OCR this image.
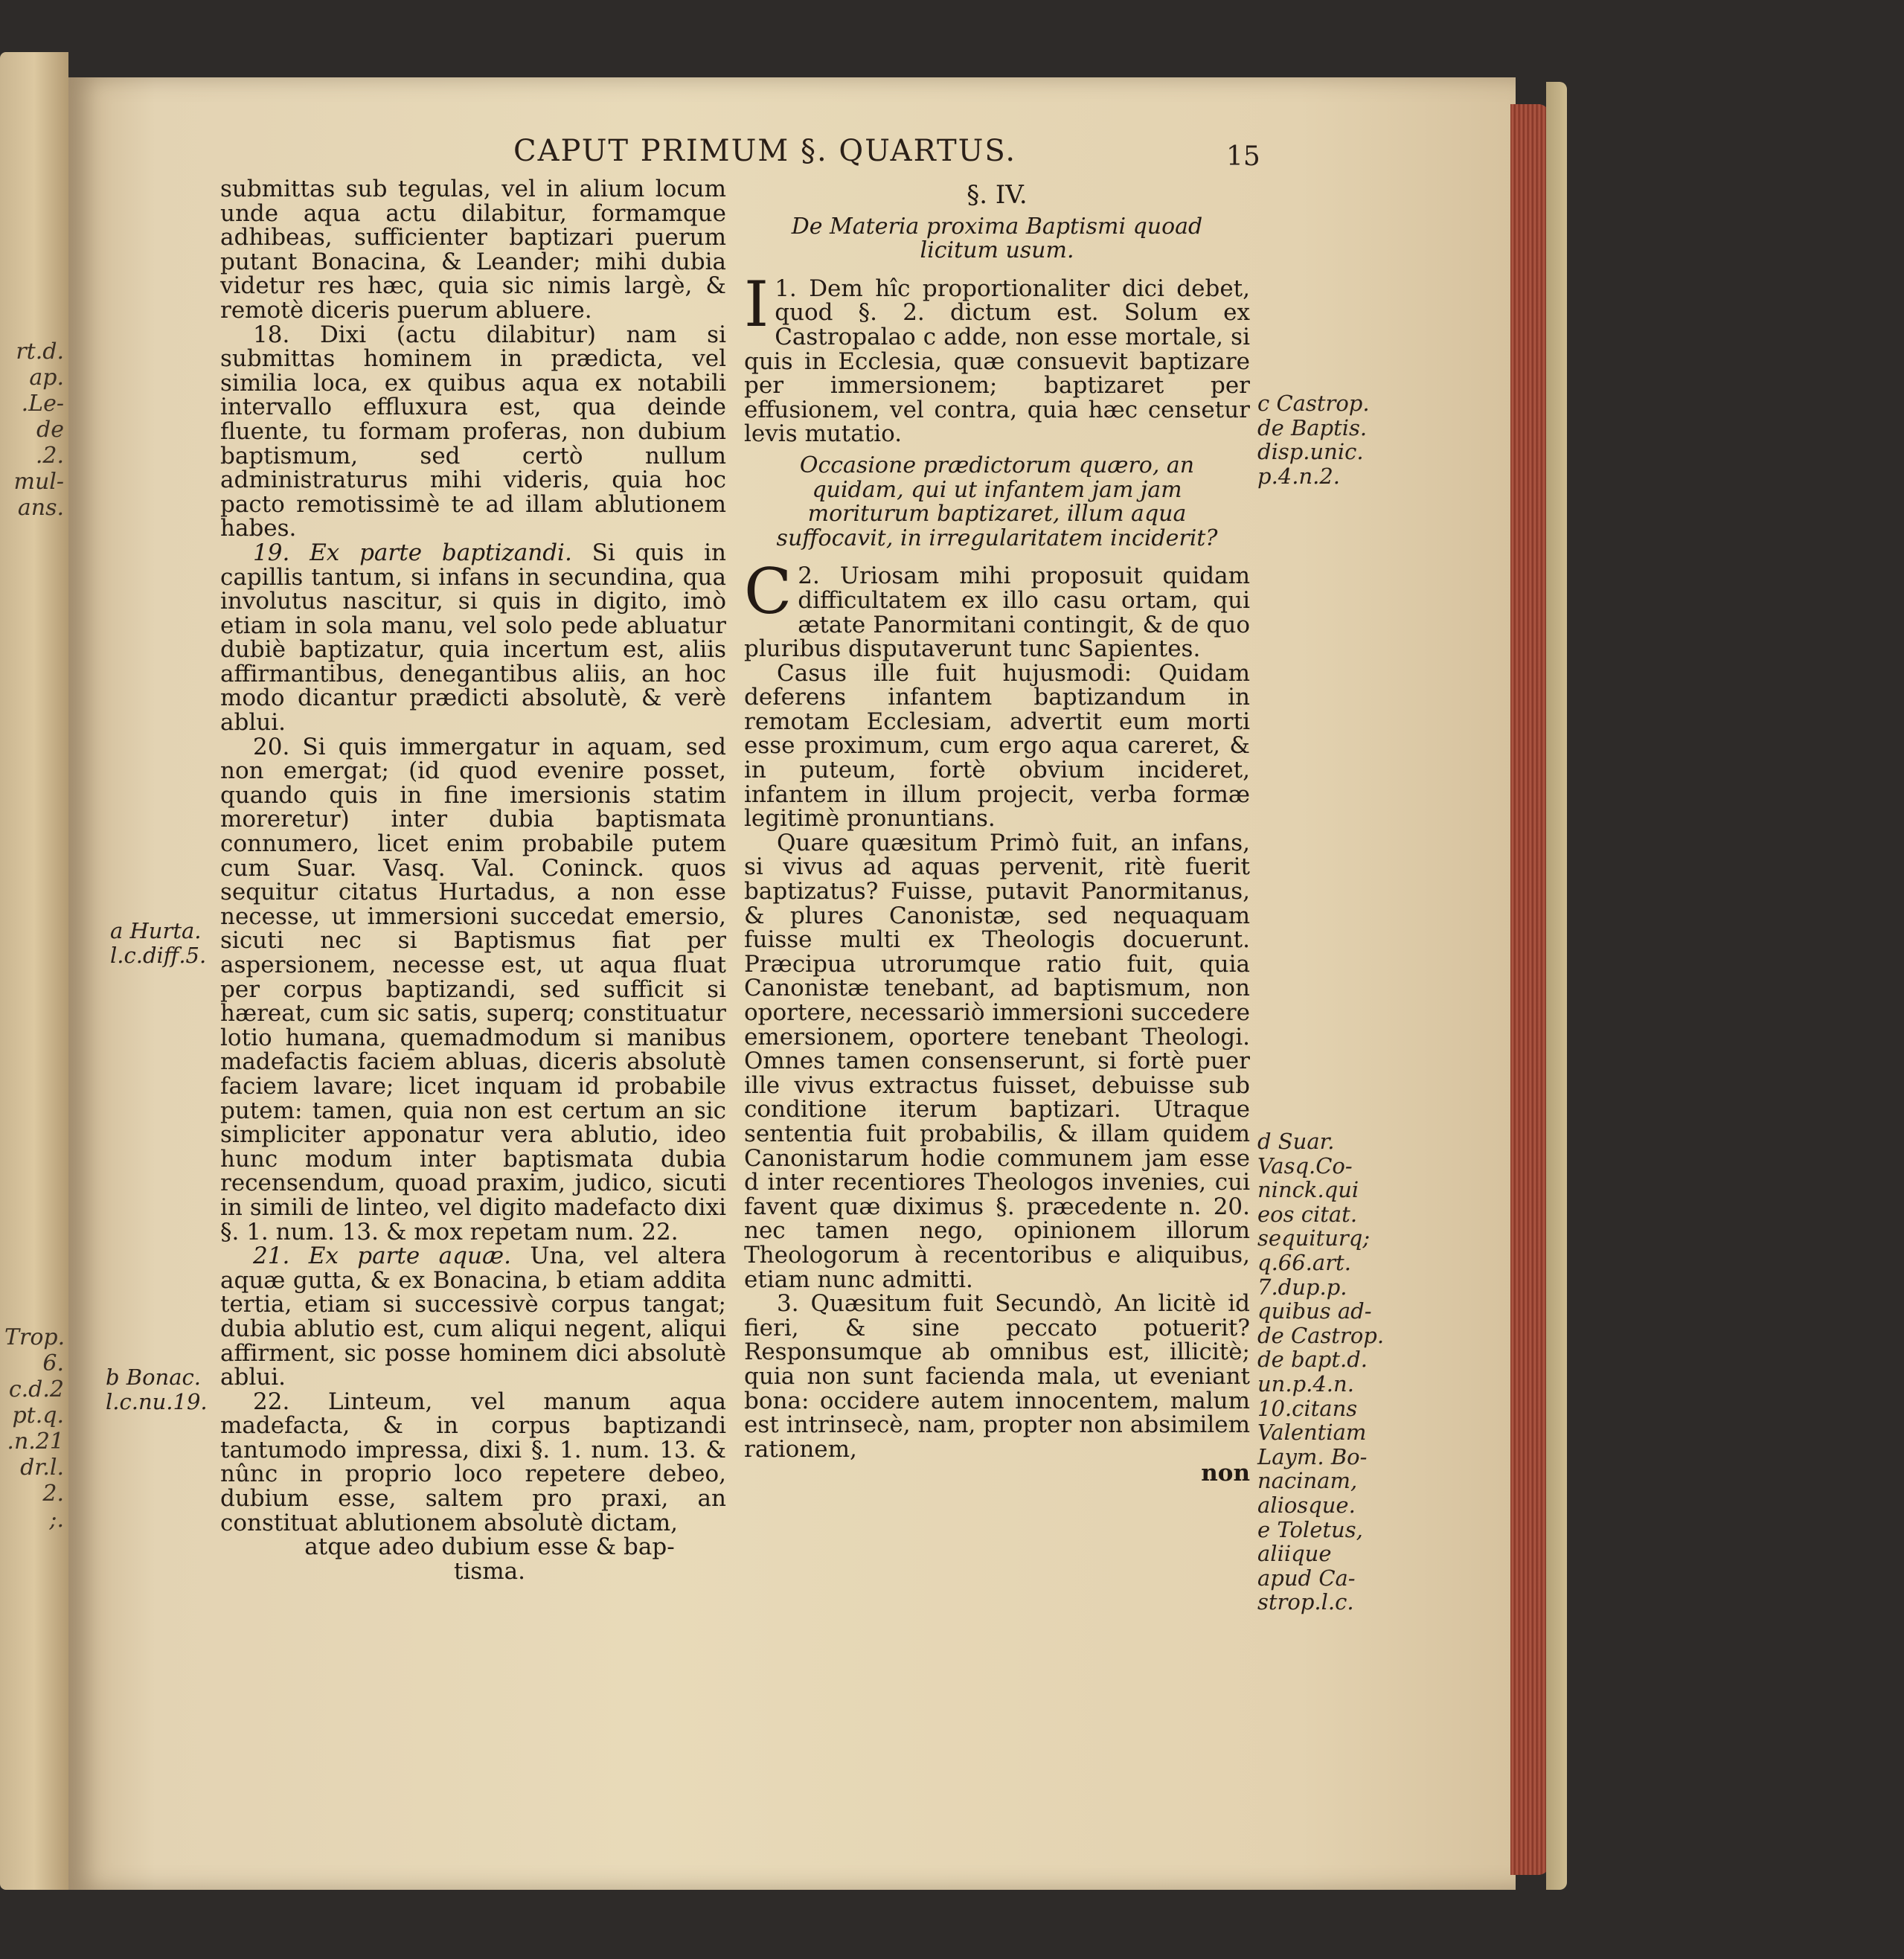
rt.d.
ap.
.Le-
de
.2.
mul-
ans.
Trop.
6.
c.d.2
pt.q.
.n.21
dr.l.
2.
;.
CAPUT PRIMUM §. QUARTUS.	15

submittas sub tegulas, vel in alium locum unde aqua actu dilabitur, formamque adhibeas, sufficienter baptizari puerum putant Bonacina, & Leander; mihi dubia videtur res hæc, quia sic nimis largè, & remotè diceris puerum abluere.

18. Dixi (actu dilabitur) nam si submittas hominem in prædicta, vel similia loca, ex quibus aqua ex notabili intervallo effluxura est, qua deinde fluente, tu formam proferas, non dubium baptismum, sed certò nullum administraturus mihi videris, quia hoc pacto remotissimè te ad illam ablutionem habes.

19. Ex parte baptizandi. Si quis in capillis tantum, si infans in secundina, qua involutus nascitur, si quis in digito, imò etiam in sola manu, vel solo pede abluatur dubiè baptizatur, quia incertum est, aliis affirmantibus, denegantibus aliis, an hoc modo dicantur prædicti absolutè, & verè ablui.

20. Si quis immergatur in aquam, sed non emergat; (id quod evenire posset, quando quis in fine imersionis statim moreretur) inter dubia baptismata connumero, licet enim probabile putem cum Suar. Vasq. Val. Coninck. quos sequitur citatus Hurtadus, a non esse necesse, ut immersioni succedat emersio, sicuti nec si Baptismus fiat per aspersionem, necesse est, ut aqua fluat per corpus baptizandi, sed sufficit si hæreat, cum sic satis, superq; constituatur lotio humana, quemadmodum si manibus madefactis faciem abluas, diceris absolutè faciem lavare; licet inquam id probabile putem: tamen, quia non est certum an sic simpliciter apponatur vera ablutio, ideo hunc modum inter baptismata dubia recensendum, quoad praxim, judico, sicuti in simili de linteo, vel digito madefacto dixi §. 1. num. 13. & mox repetam num. 22.

21. Ex parte aquæ. Una, vel altera aquæ gutta, & ex Bonacina, b etiam addita tertia, etiam si successivè corpus tangat; dubia ablutio est, cum aliqui negent, aliqui affirment, sic posse hominem dici absolutè ablui.

22. Linteum, vel manum aqua madefacta, & in corpus baptizandi tantumodo impressa, dixi §. 1. num. 13. & nûnc in proprio loco repetere debeo, dubium esse, saltem pro praxi, an constituat ablutionem absolutè dictam,

atque adeo dubium esse & bap-

tisma.

§. IV.

De Materia proxima Baptismi quoad licitum usum.

1.
I Dem hîc proportionaliter dici debet, quod §. 2. dictum est. Solum ex Castropalao c adde, non esse mortale, si quis in Ecclesia, quæ consuevit baptizare per immersionem; baptizaret per effusionem, vel contra, quia hæc censetur levis mutatio.

Occasione prædictorum quæro, an quidam, qui ut infantem jam jam moriturum baptizaret, illum aqua suffocavit, in irregularitatem inciderit?

2.
C Uriosam mihi proposuit quidam difficultatem ex illo casu ortam, qui ætate Panormitani contingit, & de quo pluribus disputaverunt tunc Sapientes.

Casus ille fuit hujusmodi: Quidam deferens infantem baptizandum in remotam Ecclesiam, advertit eum morti esse proximum, cum ergo aqua careret, & in puteum, fortè obvium incideret, infantem in illum projecit, verba formæ legitimè pronuntians.

Quare quæsitum Primò fuit, an infans, si vivus ad aquas pervenit, ritè fuerit baptizatus? Fuisse, putavit Panormitanus, & plures Canonistæ, sed nequaquam fuisse multi ex Theologis docuerunt. Præcipua utrorumque ratio fuit, quia Canonistæ tenebant, ad baptismum, non oportere, necessariò immersioni succedere emersionem, oportere tenebant Theologi. Omnes tamen consenserunt, si fortè puer ille vivus extractus fuisset, debuisse sub conditione iterum baptizari. Utraque sententia fuit probabilis, & illam quidem Canonistarum hodie communem jam esse d inter recentiores Theologos invenies, cui favent quæ diximus §. præcedente n. 20. nec tamen nego, opinionem illorum Theologorum à recentoribus e aliquibus, etiam nunc admitti.

3. Quæsitum fuit Secundò, An licitè id fieri, & sine peccato potuerit? Responsumque ab omnibus est, illicitè; quia non sunt facienda mala, ut eveniant bona: occidere autem innocentem, malum est intrinsecè, nam, propter non absimilem rationem,

non

a Hurta.
l.c.diff.5.
b Bonac.
l.c.nu.19.
c Castrop.
de Baptis.
disp.unic.
p.4.n.2.
d Suar.
Vasq.Co-
ninck.qui
eos citat.
sequiturq;
q.66.art.
7.dup.p.
quibus ad-
de Castrop.
de bapt.d.
un.p.4.n.
10.citans
Valentiam
Laym. Bo-
nacinam,
aliosque.
e Toletus,
aliique
apud Ca-
strop.l.c.
